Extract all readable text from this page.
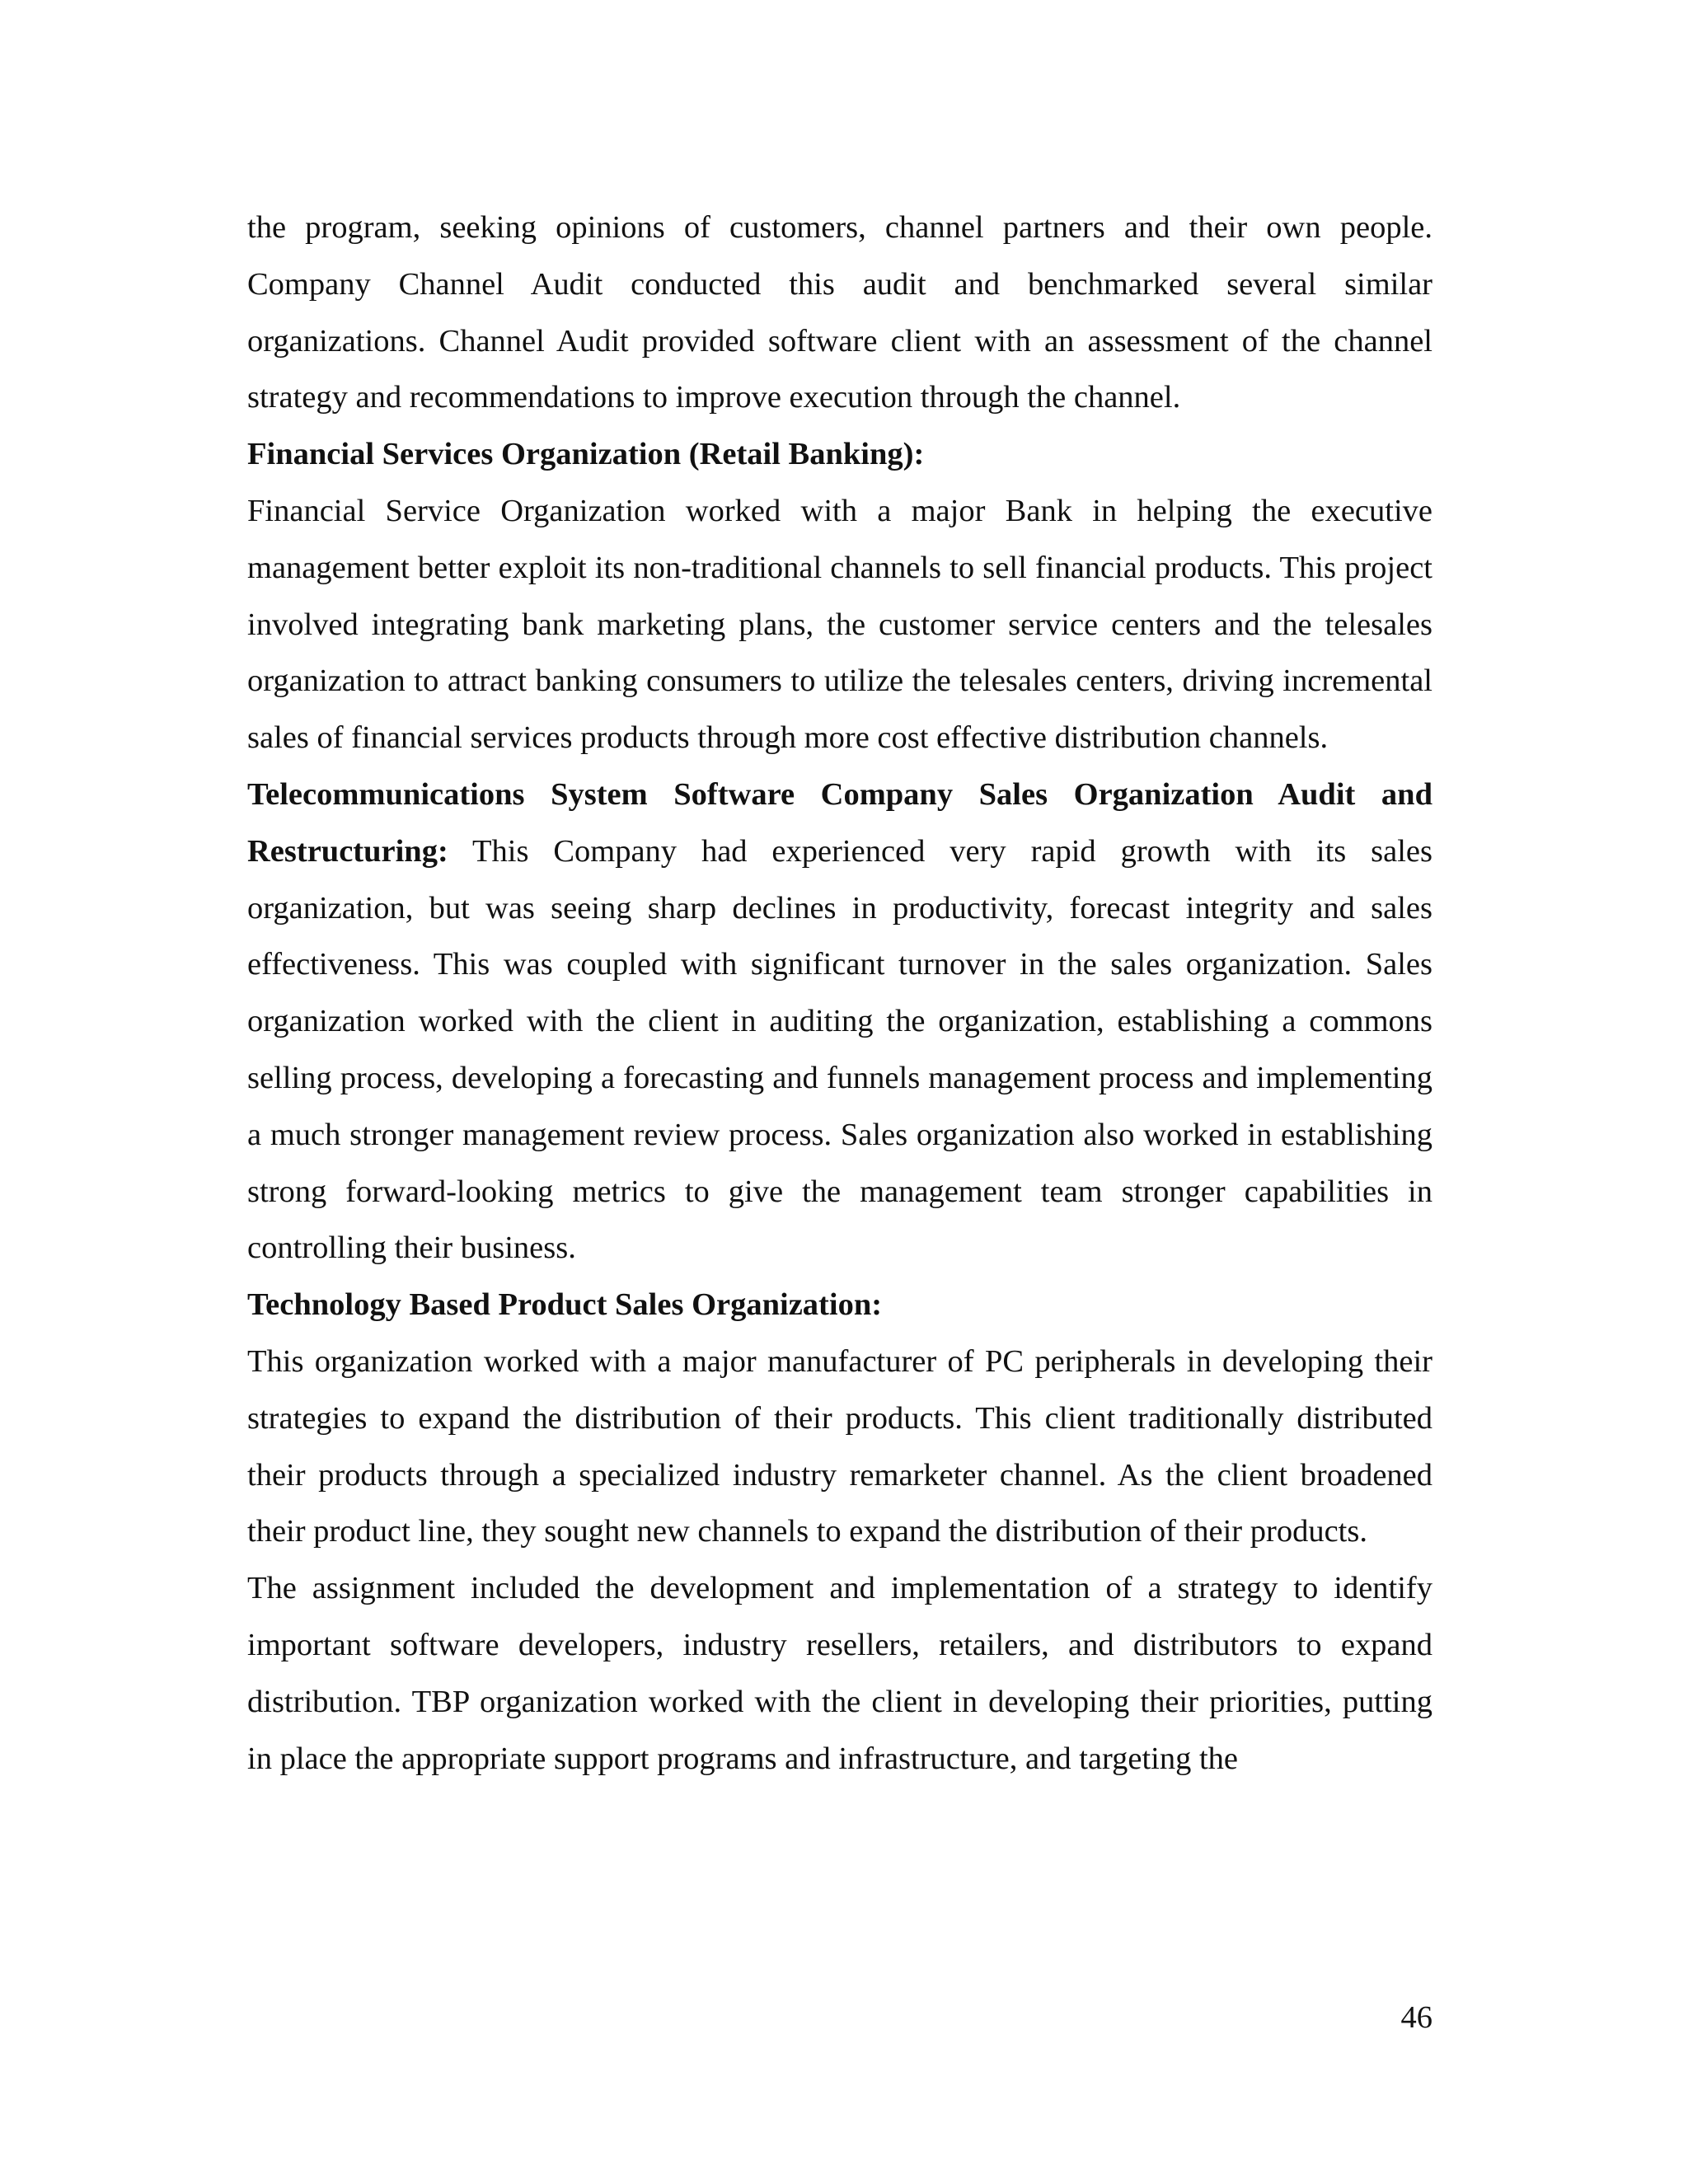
the program, seeking opinions of customers, channel partners and their own people. Company Channel Audit conducted this audit and benchmarked several similar organizations. Channel Audit provided software client with an assessment of the channel strategy and recommendations to improve execution through the channel.

Financial Services Organization (Retail Banking):

Financial Service Organization worked with a major Bank in helping the executive management better exploit its non-traditional channels to sell financial products. This project involved integrating bank marketing plans, the customer service centers and the telesales organization to attract banking consumers to utilize the telesales centers, driving incremental sales of financial services products through more cost effective distribution channels.

Telecommunications System Software Company Sales Organization Audit and Restructuring: This Company had experienced very rapid growth with its sales organization, but was seeing sharp declines in productivity, forecast integrity and sales effectiveness. This was coupled with significant turnover in the sales organization. Sales organization worked with the client in auditing the organization, establishing a commons selling process, developing a forecasting and funnels management process and implementing a much stronger management review process. Sales organization also worked in establishing strong forward-looking metrics to give the management team stronger capabilities in controlling their business.

Technology Based Product Sales Organization:

This organization worked with a major manufacturer of PC peripherals in developing their strategies to expand the distribution of their products. This client traditionally distributed their products through a specialized industry remarketer channel. As the client broadened their product line, they sought new channels to expand the distribution of their products.

The assignment included the development and implementation of a strategy to identify important software developers, industry resellers, retailers, and distributors to expand distribution. TBP organization worked with the client in developing their priorities, putting in place the appropriate support programs and infrastructure, and targeting the

46
